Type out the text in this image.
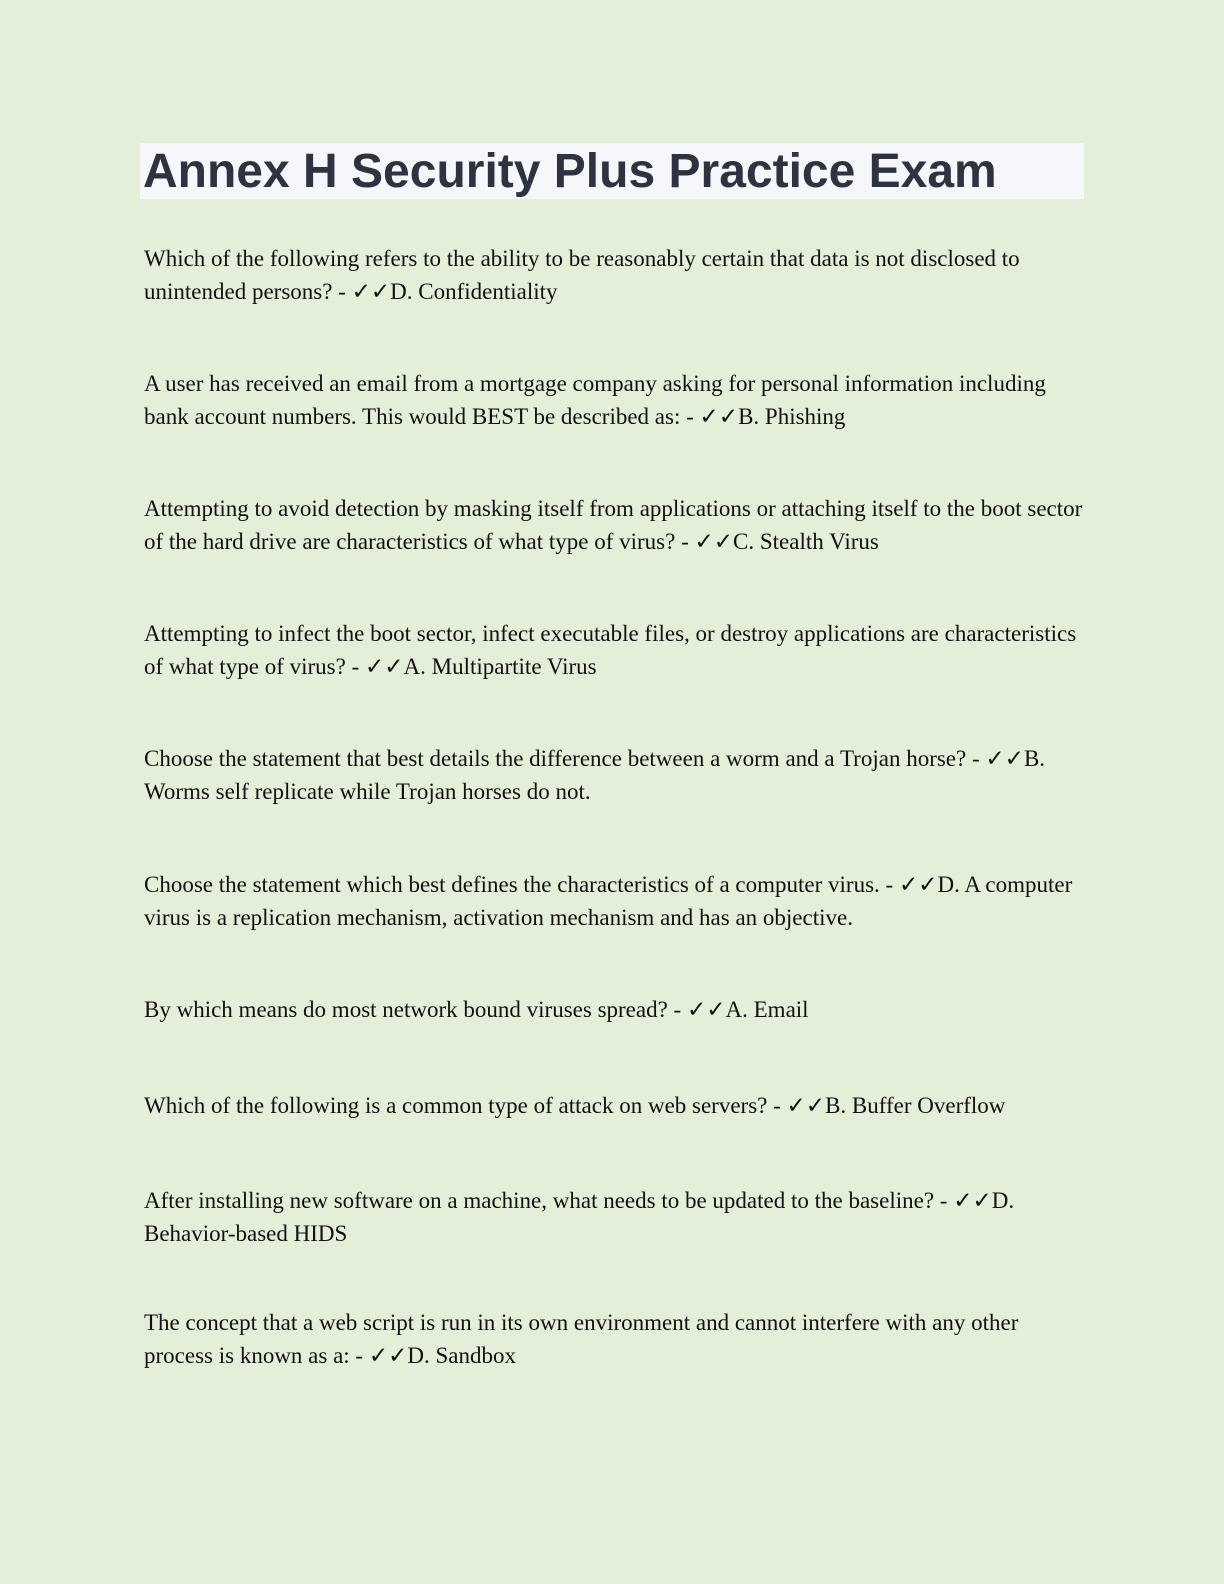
Annex H Security Plus Practice Exam

Which of the following refers to the ability to be reasonably certain that data is not disclosed to unintended persons? - ✓✓D. Confidentiality

A user has received an email from a mortgage company asking for personal information including bank account numbers. This would BEST be described as: - ✓✓B. Phishing

Attempting to avoid detection by masking itself from applications or attaching itself to the boot sector of the hard drive are characteristics of what type of virus? - ✓✓C. Stealth Virus

Attempting to infect the boot sector, infect executable files, or destroy applications are characteristics of what type of virus? - ✓✓A. Multipartite Virus

Choose the statement that best details the difference between a worm and a Trojan horse? - ✓✓B. Worms self replicate while Trojan horses do not.

Choose the statement which best defines the characteristics of a computer virus. - ✓✓D. A computer virus is a replication mechanism, activation mechanism and has an objective.

By which means do most network bound viruses spread? - ✓✓A. Email

Which of the following is a common type of attack on web servers? - ✓✓B. Buffer Overflow

After installing new software on a machine, what needs to be updated to the baseline? - ✓✓D. Behavior-based HIDS

The concept that a web script is run in its own environment and cannot interfere with any other process is known as a: - ✓✓D. Sandbox
